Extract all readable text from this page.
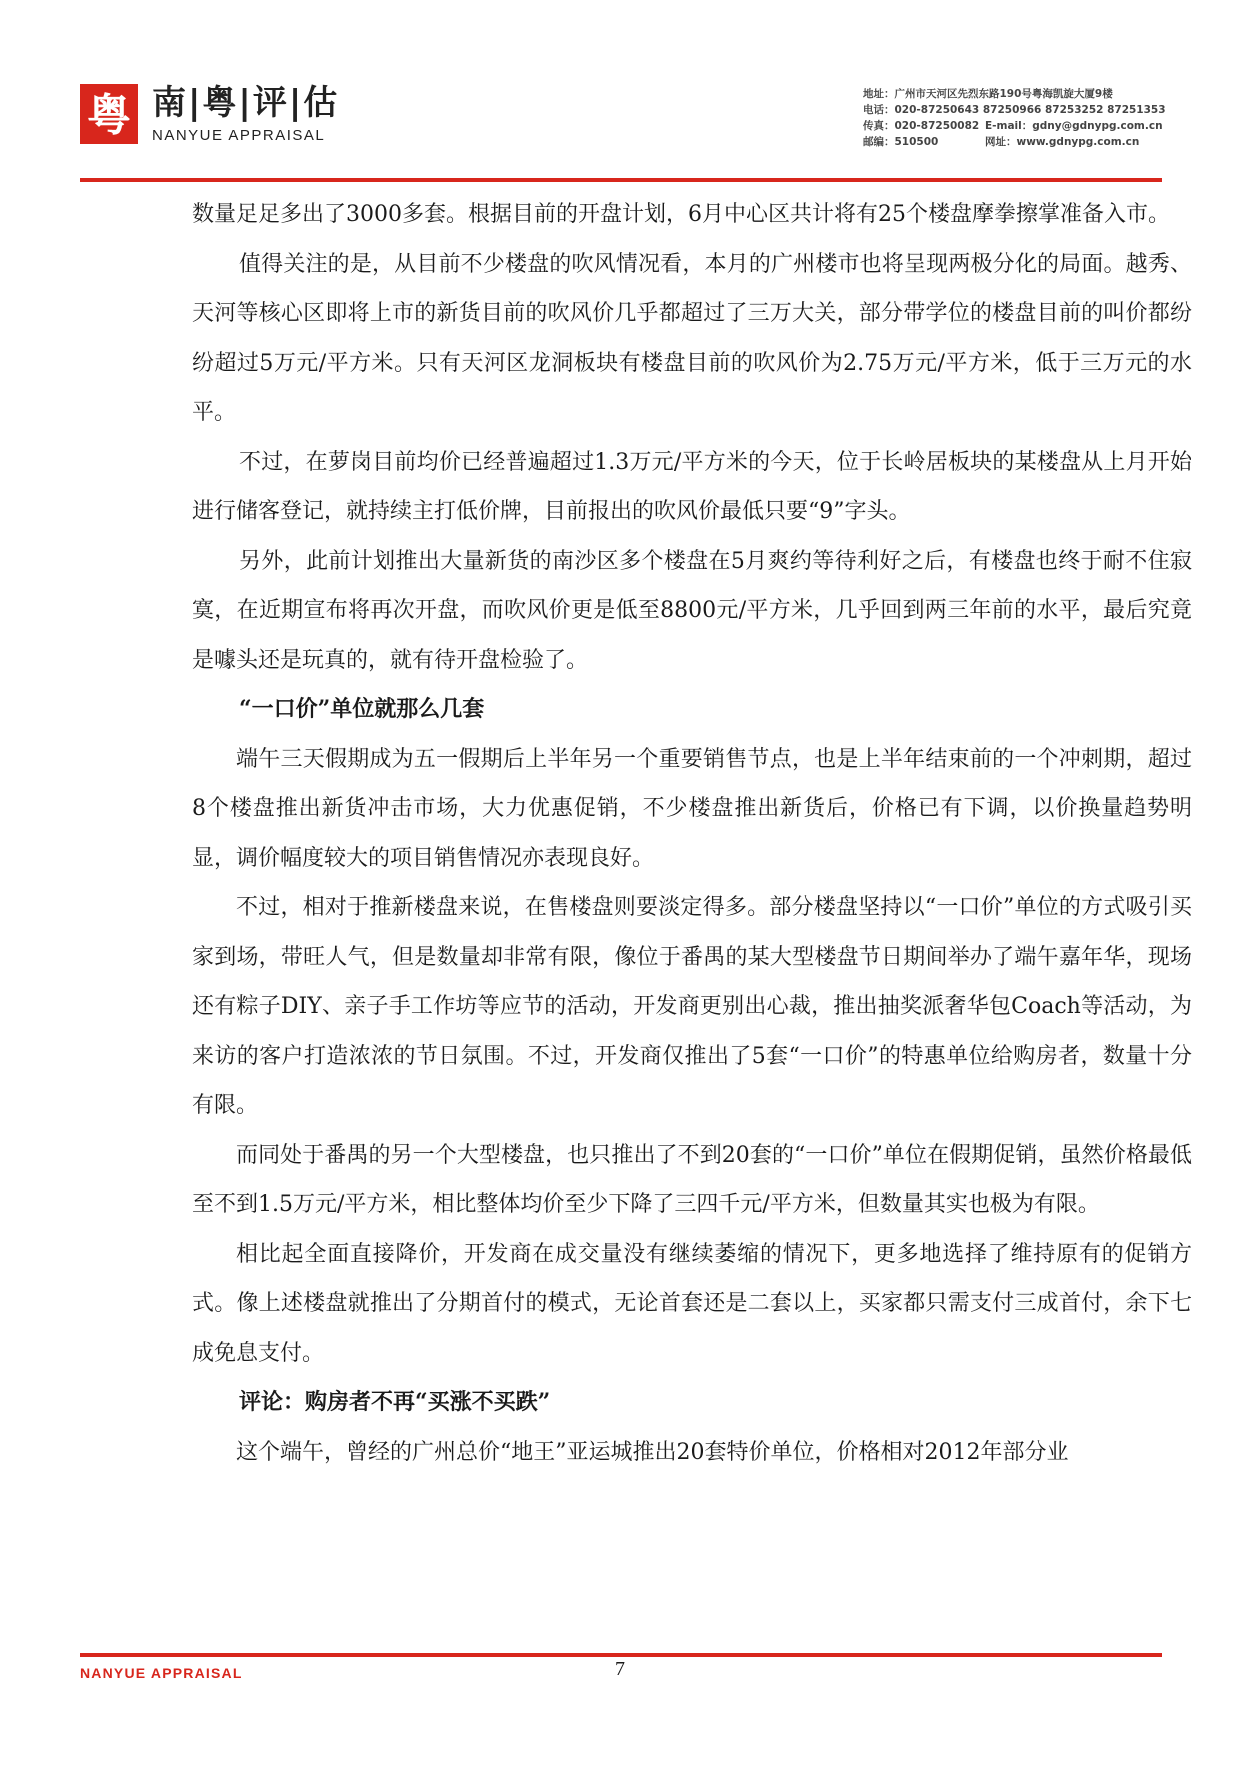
粤 南|粤|评|估
NANYUE APPRAISAL
地址：广州市天河区先烈东路190号粤海凯旋大厦9楼
电话：020-87250643 87250966 87253252 87251353
传真：020-87250082 E-mail：gdny@gdnypg.com.cn
邮编：510500	网址：www.gdnypg.com.cn

数量足足多出了3000多套。根据目前的开盘计划，6月中心区共计将有25个楼盘摩拳擦掌准备入市。

值得关注的是，从目前不少楼盘的吹风情况看，本月的广州楼市也将呈现两极分化的局面。越秀、天河等核心区即将上市的新货目前的吹风价几乎都超过了三万大关，部分带学位的楼盘目前的叫价都纷纷超过5万元/平方米。只有天河区龙洞板块有楼盘目前的吹风价为2.75万元/平方米，低于三万元的水平。

不过，在萝岗目前均价已经普遍超过1.3万元/平方米的今天，位于长岭居板块的某楼盘从上月开始进行储客登记，就持续主打低价牌，目前报出的吹风价最低只要“9”字头。

另外，此前计划推出大量新货的南沙区多个楼盘在5月爽约等待利好之后，有楼盘也终于耐不住寂寞，在近期宣布将再次开盘，而吹风价更是低至8800元/平方米，几乎回到两三年前的水平，最后究竟是噱头还是玩真的，就有待开盘检验了。

“一口价”单位就那么几套

端午三天假期成为五一假期后上半年另一个重要销售节点，也是上半年结束前的一个冲刺期，超过8个楼盘推出新货冲击市场，大力优惠促销，不少楼盘推出新货后，价格已有下调，以价换量趋势明显，调价幅度较大的项目销售情况亦表现良好。

不过，相对于推新楼盘来说，在售楼盘则要淡定得多。部分楼盘坚持以“一口价”单位的方式吸引买家到场，带旺人气，但是数量却非常有限，像位于番禺的某大型楼盘节日期间举办了端午嘉年华，现场还有粽子DIY、亲子手工作坊等应节的活动，开发商更别出心裁，推出抽奖派奢华包Coach等活动，为来访的客户打造浓浓的节日氛围。不过，开发商仅推出了5套“一口价”的特惠单位给购房者，数量十分有限。

而同处于番禺的另一个大型楼盘，也只推出了不到20套的“一口价”单位在假期促销，虽然价格最低至不到1.5万元/平方米，相比整体均价至少下降了三四千元/平方米，但数量其实也极为有限。

相比起全面直接降价，开发商在成交量没有继续萎缩的情况下，更多地选择了维持原有的促销方式。像上述楼盘就推出了分期首付的模式，无论首套还是二套以上，买家都只需支付三成首付，余下七成免息支付。

评论：购房者不再“买涨不买跌”

这个端午，曾经的广州总价“地王”亚运城推出20套特价单位，价格相对2012年部分业

NANYUE APPRAISAL	7
